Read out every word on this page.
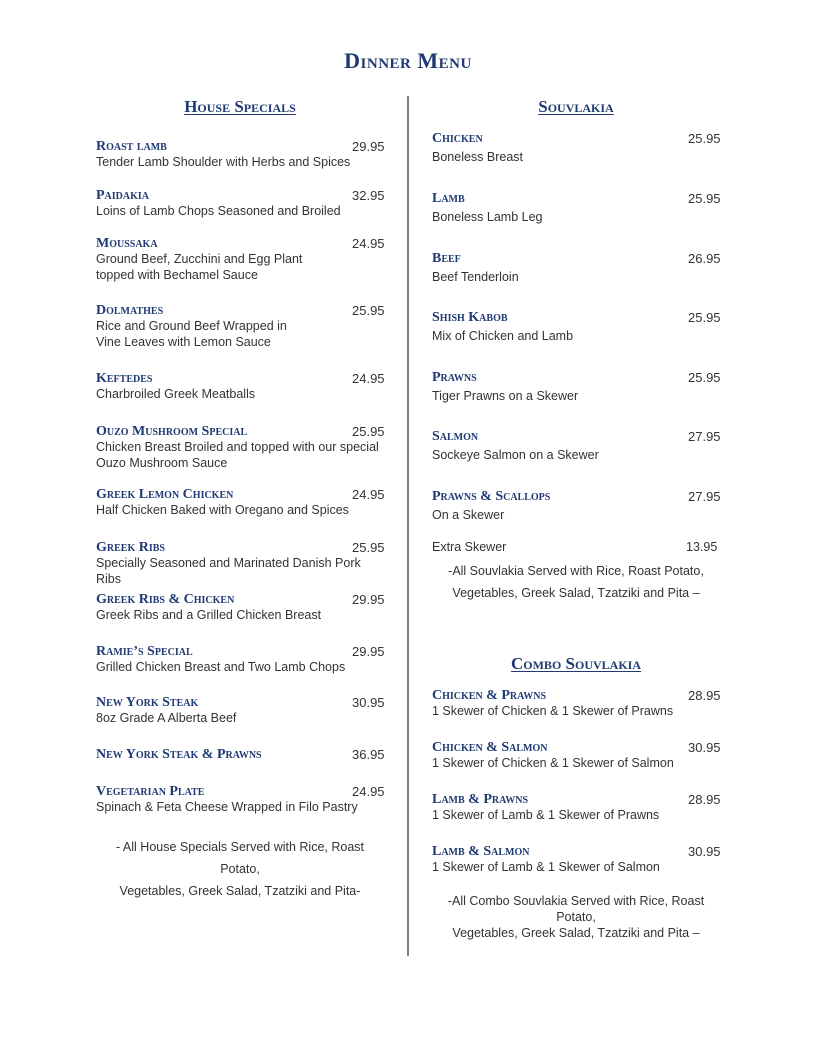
Dinner Menu
House Specials	Souvlakia
Combo Souvlakia
Roast lamb	29.95
Tender Lamb Shoulder with Herbs and Spices
Paidakia	32.95
Loins of Lamb Chops Seasoned and Broiled
Moussaka	24.95
Ground Beef, Zucchini and Egg Plant
topped with Bechamel Sauce
Dolmathes	25.95
Rice and Ground Beef Wrapped in
Vine Leaves with Lemon Sauce
Keftedes	24.95
Charbroiled Greek Meatballs
Ouzo Mushroom Special	25.95
Chicken Breast Broiled and topped with our special
Ouzo Mushroom Sauce
Greek Lemon Chicken	24.95
Half Chicken Baked with Oregano and Spices
Greek Ribs	25.95
Specially Seasoned and Marinated Danish Pork Ribs
Greek Ribs & Chicken	29.95
Greek Ribs and a Grilled Chicken Breast
Ramie’s Special	29.95
Grilled Chicken Breast and Two Lamb Chops
New York Steak	30.95
8oz Grade A Alberta Beef
New York Steak & Prawns	36.95
Vegetarian Plate	24.95
Spinach & Feta Cheese Wrapped in Filo Pastry
Chicken	25.95
Boneless Breast
Lamb	25.95
Boneless Lamb Leg
Beef	26.95
Beef Tenderloin
Shish Kabob	25.95
Mix of Chicken and Lamb
Prawns	25.95
Tiger Prawns on a Skewer
Salmon	27.95
Sockeye Salmon on a Skewer
Prawns & Scallops	27.95
On a Skewer
Chicken & Prawns	28.95
1 Skewer of Chicken & 1 Skewer of Prawns
Chicken & Salmon	30.95
1 Skewer of Chicken & 1 Skewer of Salmon
Lamb & Prawns	28.95
1 Skewer of Lamb & 1 Skewer of Prawns
Lamb & Salmon	30.95
1 Skewer of Lamb & 1 Skewer of Salmon
- All House Specials Served with Rice, Roast Potato,
Vegetables, Greek Salad, Tzatziki and Pita-
Extra Skewer	13.95
-All Souvlakia Served with Rice, Roast Potato,
Vegetables, Greek Salad, Tzatziki and Pita –
-All Combo Souvlakia Served with Rice, Roast Potato,
Vegetables, Greek Salad, Tzatziki and Pita –
